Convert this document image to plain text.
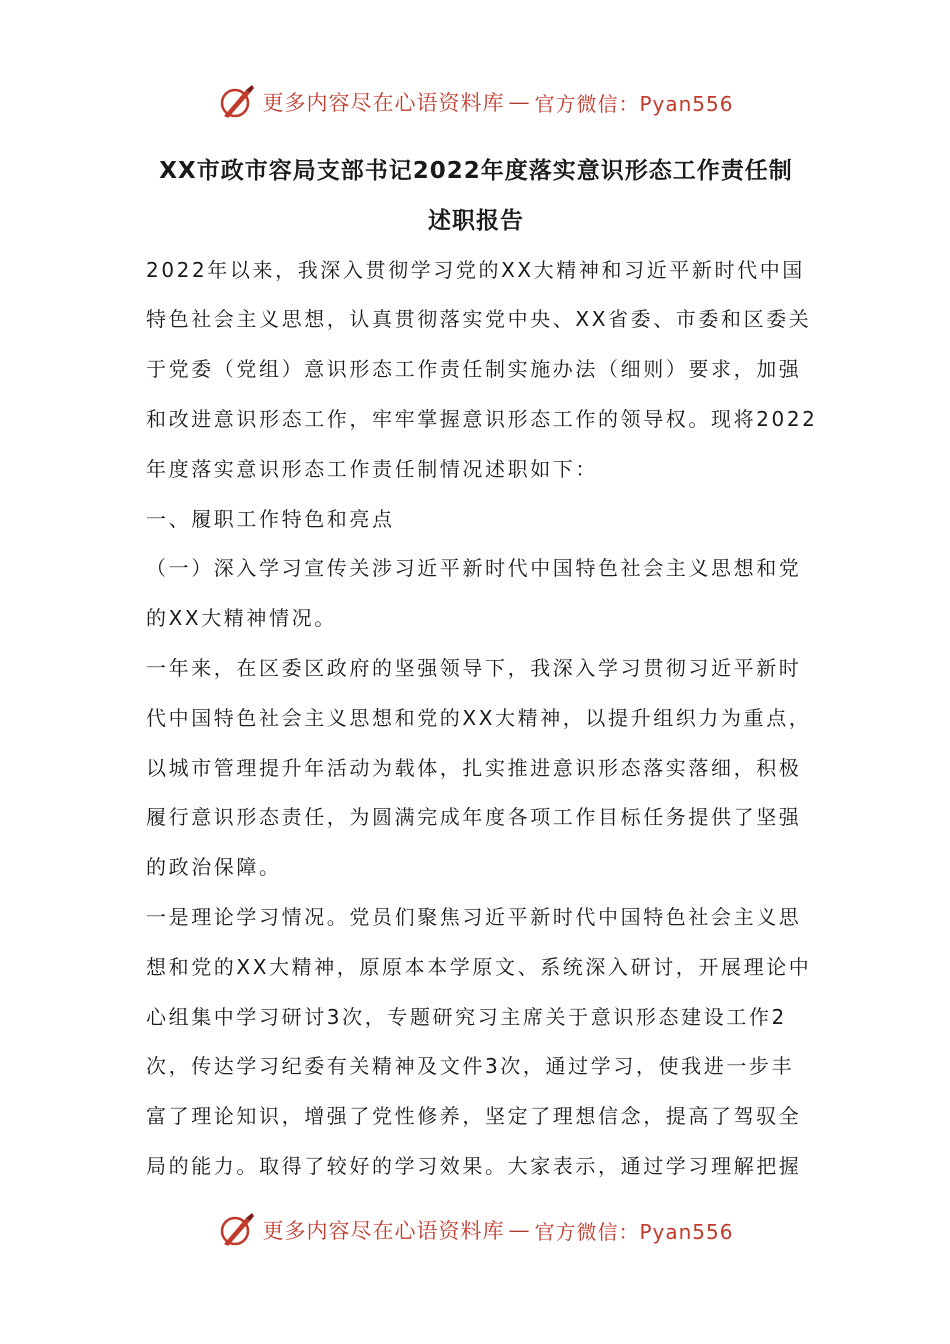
更多内容尽在心语资料库 — 官方微信：Pyan556

XX市政市容局支部书记2022年度落实意识形态工作责任制
述职报告

2022年以来，我深入贯彻学习党的XX大精神和习近平新时代中国
特色社会主义思想，认真贯彻落实党中央、XX省委、市委和区委关
于党委（党组）意识形态工作责任制实施办法（细则）要求，加强
和改进意识形态工作，牢牢掌握意识形态工作的领导权。现将2022
年度落实意识形态工作责任制情况述职如下：

一、履职工作特色和亮点

（一）深入学习宣传关涉习近平新时代中国特色社会主义思想和党
的XX大精神情况。

一年来，在区委区政府的坚强领导下，我深入学习贯彻习近平新时
代中国特色社会主义思想和党的XX大精神，以提升组织力为重点，
以城市管理提升年活动为载体，扎实推进意识形态落实落细，积极
履行意识形态责任，为圆满完成年度各项工作目标任务提供了坚强
的政治保障。

一是理论学习情况。党员们聚焦习近平新时代中国特色社会主义思
想和党的XX大精神，原原本本学原文、系统深入研讨，开展理论中
心组集中学习研讨3次，专题研究习主席关于意识形态建设工作2
次，传达学习纪委有关精神及文件3次，通过学习，使我进一步丰
富了理论知识，增强了党性修养，坚定了理想信念，提高了驾驭全
局的能力。取得了较好的学习效果。大家表示，通过学习理解把握

更多内容尽在心语资料库 — 官方微信：Pyan556
